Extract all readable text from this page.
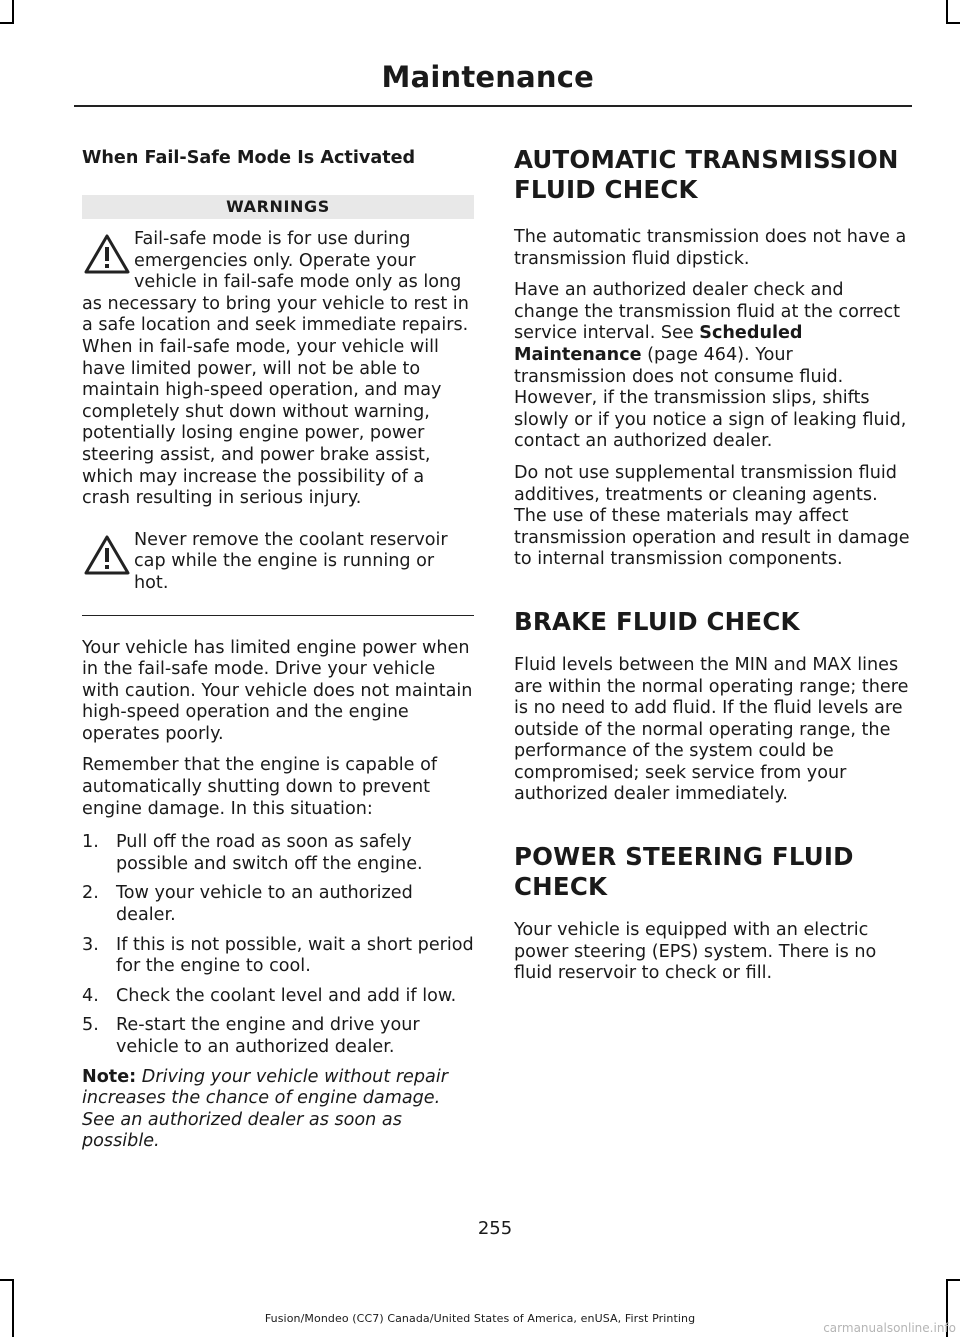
Maintenance
When Fail-Safe Mode Is Activated
WARNINGS

Fail-safe mode is for use during emergencies only. Operate your vehicle in fail-safe mode only as long as necessary to bring your vehicle to rest in a safe location and seek immediate repairs. When in fail-safe mode, your vehicle will have limited power, will not be able to maintain high-speed operation, and may completely shut down without warning, potentially losing engine power, power steering assist, and power brake assist, which may increase the possibility of a crash resulting in serious injury.

Never remove the coolant reservoir cap while the engine is running or hot.

Your vehicle has limited engine power when in the fail-safe mode. Drive your vehicle with caution. Your vehicle does not maintain high-speed operation and the engine operates poorly.

Remember that the engine is capable of automatically shutting down to prevent engine damage. In this situation:

1. Pull off the road as soon as safely possible and switch off the engine.
2. Tow your vehicle to an authorized dealer.
3. If this is not possible, wait a short period for the engine to cool.
4. Check the coolant level and add if low.
5. Re-start the engine and drive your vehicle to an authorized dealer.

Note: Driving your vehicle without repair increases the chance of engine damage. See an authorized dealer as soon as possible.

AUTOMATIC TRANSMISSION FLUID CHECK

The automatic transmission does not have a transmission fluid dipstick.

Have an authorized dealer check and change the transmission fluid at the correct service interval. See Scheduled Maintenance (page 464). Your transmission does not consume fluid. However, if the transmission slips, shifts slowly or if you notice a sign of leaking fluid, contact an authorized dealer.

Do not use supplemental transmission fluid additives, treatments or cleaning agents. The use of these materials may affect transmission operation and result in damage to internal transmission components.

BRAKE FLUID CHECK

Fluid levels between the MIN and MAX lines are within the normal operating range; there is no need to add fluid. If the fluid levels are outside of the normal operating range, the performance of the system could be compromised; seek service from your authorized dealer immediately.

POWER STEERING FLUID CHECK

Your vehicle is equipped with an electric power steering (EPS) system. There is no fluid reservoir to check or fill.

255
Fusion/Mondeo (CC7) Canada/United States of America, enUSA, First Printing
carmanualsonline.info
